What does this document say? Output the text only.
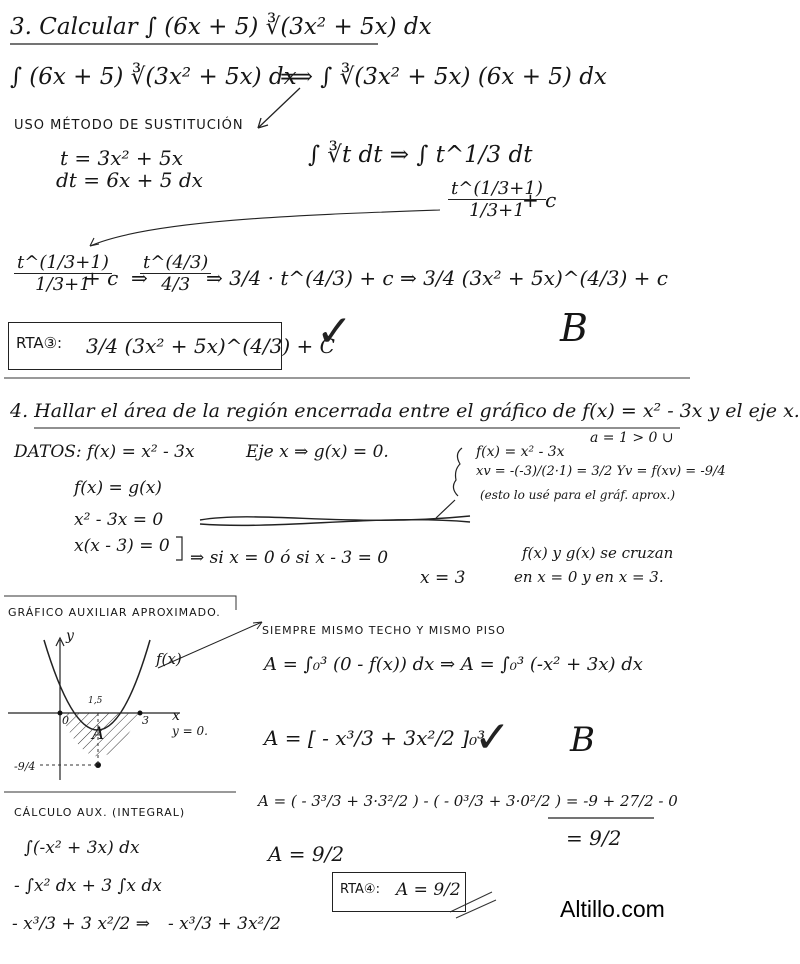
3. Calcular ∫ (6x + 5) ∛(3x² + 5x) dx
∫ (6x + 5) ∛(3x² + 5x) dx
⟹ ∫ ∛(3x² + 5x) (6x + 5) dx
USO MÉTODO DE SUSTITUCIÓN
t = 3x² + 5x
dt = 6x + 5 dx
∫ ∛t dt ⇒ ∫ t^1/3 dt
$\frac{t\^{}(1/3+1)}{1/3+1}$
+ c
$\frac{t\^{}(1/3+1)}{1/3+1}$
+ c  ⇒
$\frac{t\^{}(4/3)}{4/3}$
⇒ 3/4 · t^(4/3) + c ⇒ 3/4 (3x² + 5x)^(4/3) + c
RTA③: 3/4 (3x² + 5x)^(4/3) + C
✓	B
4. Hallar el área de la región encerrada entre el gráfico de f(x) = x² - 3x y el eje x.
DATOS: f(x) = x² - 3x	Eje x ⇒ g(x) = 0.
a = 1 > 0 ∪
f(x) = x² - 3x
xv = -(-3)/(2·1) = 3/2 Yv = f(xv) = -9/4
(esto lo usé para el gráf. aprox.)
f(x) = g(x)
x² - 3x = 0
x(x - 3) = 0
⇒ si x = 0 ó si x - 3 = 0
x = 3
f(x) y g(x) se cruzan
en x = 0 y en x = 3.
GRÁFICO AUXILIAR APROXIMADO.
y
f(x)
x
y = 0.
A
0	3
1,5
-9/4
SIEMPRE MISMO TECHO Y MISMO PISO
A = ∫₀³ (0 - f(x)) dx ⇒ A = ∫₀³ (-x² + 3x) dx
A = [ - x³/3 + 3x²/2 ]₀³
✓ B
A = ( - 3³/3 + 3·3²/2 ) - ( - 0³/3 + 3·0²/2 ) = -9 + 27/2 - 0
= 9/2
A = 9/2
CÁLCULO AUX. (INTEGRAL)
∫(-x² + 3x) dx
- ∫x² dx + 3 ∫x dx
- x³/3 + 3 x²/2 ⇒ - x³/3 + 3x²/2
RTA④: A = 9/2
Altillo.com
